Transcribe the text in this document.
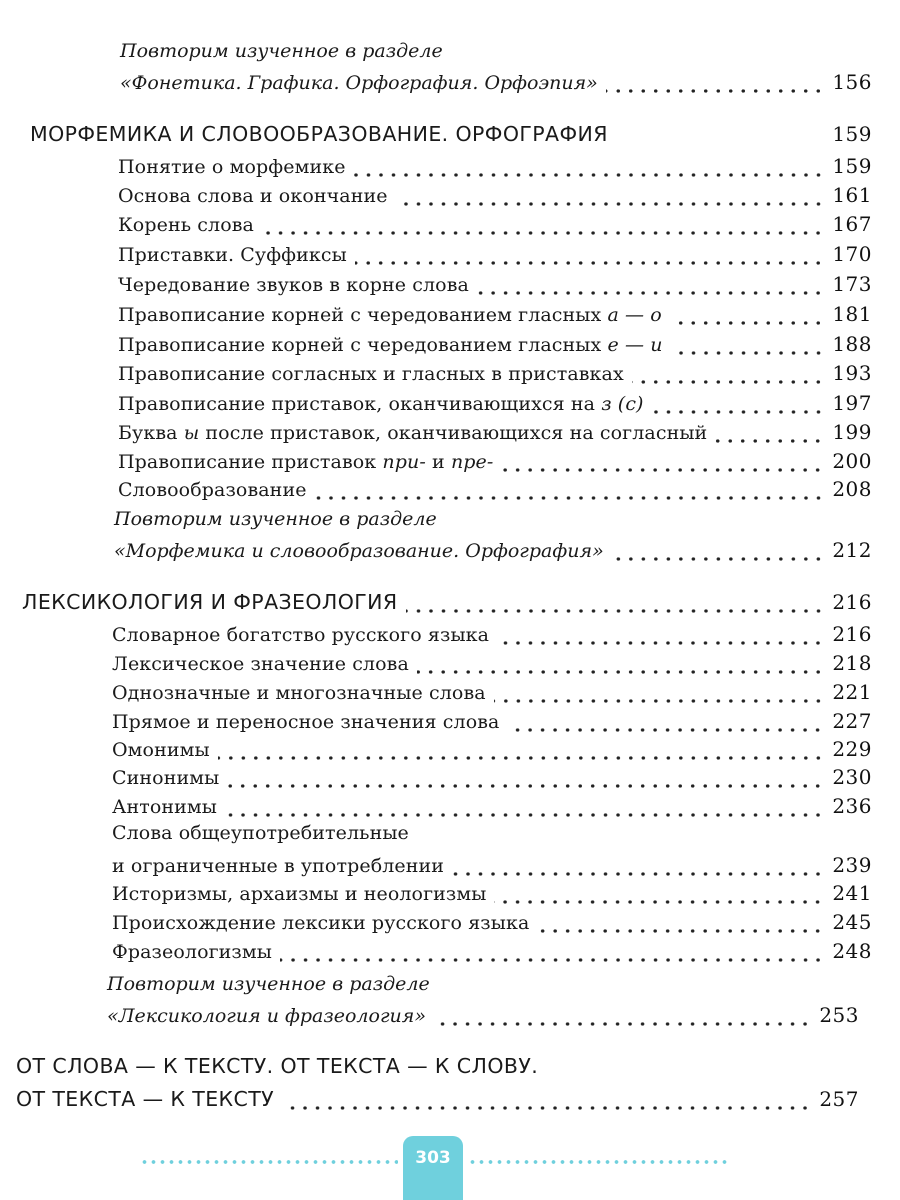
Повторим изученное в разделе
«Фонетика. Графика. Орфография. Орфоэпия»	156
МОРФЕМИКА И СЛОВООБРАЗОВАНИЕ. ОРФОГРАФИЯ	159
Понятие о морфемике	159
Основа слова и окончание	161
Корень слова	167
Приставки. Суффиксы	170
Чередование звуков в корне слова	173
Правописание корней с чередованием гласных а — о	181
Правописание корней с чередованием гласных е — и	188
Правописание согласных и гласных в приставках	193
Правописание приставок, оканчивающихся на з (с)	197
Буква ы после приставок, оканчивающихся на согласный	199
Правописание приставок при- и пре-	200
Словообразование	208
Повторим изученное в разделе
«Морфемика и словообразование. Орфография»	212
ЛЕКСИКОЛОГИЯ И ФРАЗЕОЛОГИЯ	216
Словарное богатство русского языка	216
Лексическое значение слова	218
Однозначные и многозначные слова	221
Прямое и переносное значения слова	227
Омонимы	229
Синонимы	230
Антонимы	236
Слова общеупотребительные
и ограниченные в употреблении	239
Историзмы, архаизмы и неологизмы	241
Происхождение лексики русского языка	245
Фразеологизмы	248
Повторим изученное в разделе
«Лексикология и фразеология»	253
ОТ СЛОВА — К ТЕКСТУ. ОТ ТЕКСТА — К СЛОВУ.
ОТ ТЕКСТА — К ТЕКСТУ	257
303
